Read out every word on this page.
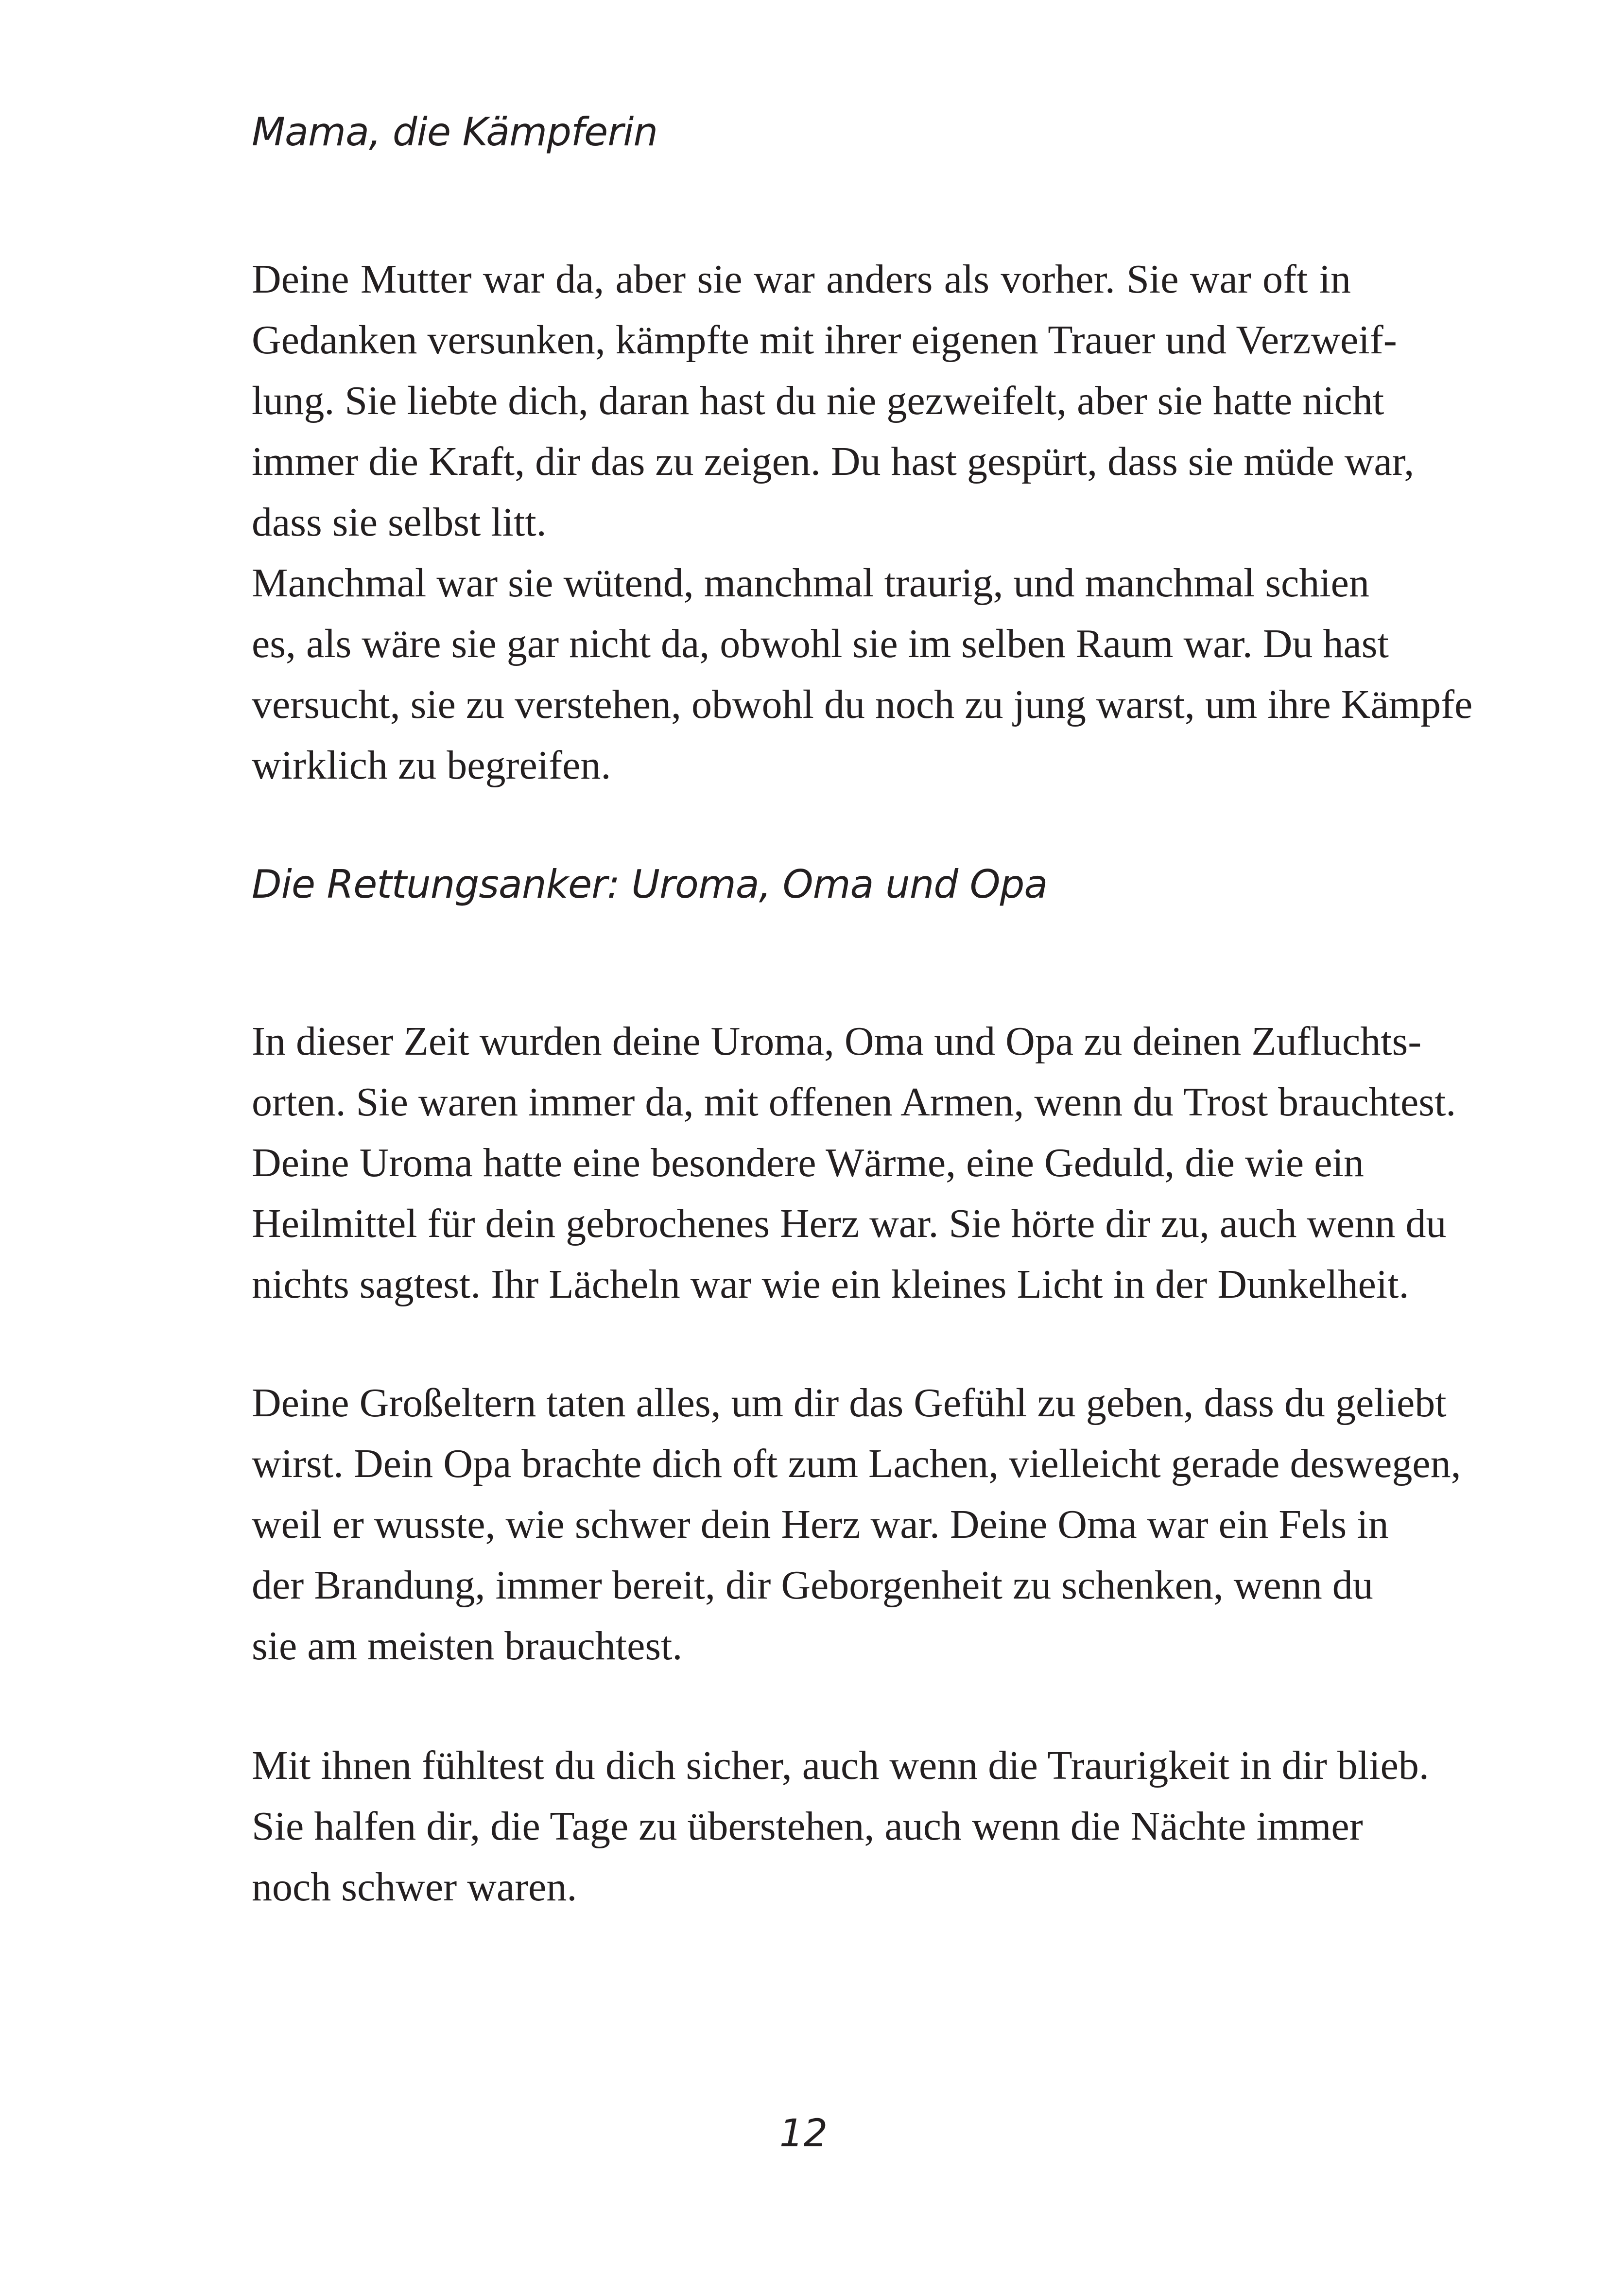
Mama, die Kämpferin
Deine Mutter war da, aber sie war anders als vorher. Sie war oft in
Gedanken versunken, kämpfte mit ihrer eigenen Trauer und Verzweif-
lung. Sie liebte dich, daran hast du nie gezweifelt, aber sie hatte nicht
immer die Kraft, dir das zu zeigen. Du hast gespürt, dass sie müde war,
dass sie selbst litt.
Manchmal war sie wütend, manchmal traurig, und manchmal schien
es, als wäre sie gar nicht da, obwohl sie im selben Raum war. Du hast
versucht, sie zu verstehen, obwohl du noch zu jung warst, um ihre Kämpfe
wirklich zu begreifen.
Die Rettungsanker: Uroma, Oma und Opa
In dieser Zeit wurden deine Uroma, Oma und Opa zu deinen Zufluchts-
orten. Sie waren immer da, mit offenen Armen, wenn du Trost brauchtest.
Deine Uroma hatte eine besondere Wärme, eine Geduld, die wie ein
Heilmittel für dein gebrochenes Herz war. Sie hörte dir zu, auch wenn du
nichts sagtest. Ihr Lächeln war wie ein kleines Licht in der Dunkelheit.
Deine Großeltern taten alles, um dir das Gefühl zu geben, dass du geliebt
wirst. Dein Opa brachte dich oft zum Lachen, vielleicht gerade deswegen,
weil er wusste, wie schwer dein Herz war. Deine Oma war ein Fels in
der Brandung, immer bereit, dir Geborgenheit zu schenken, wenn du
sie am meisten brauchtest.
Mit ihnen fühltest du dich sicher, auch wenn die Traurigkeit in dir blieb.
Sie halfen dir, die Tage zu überstehen, auch wenn die Nächte immer
noch schwer waren.

12
